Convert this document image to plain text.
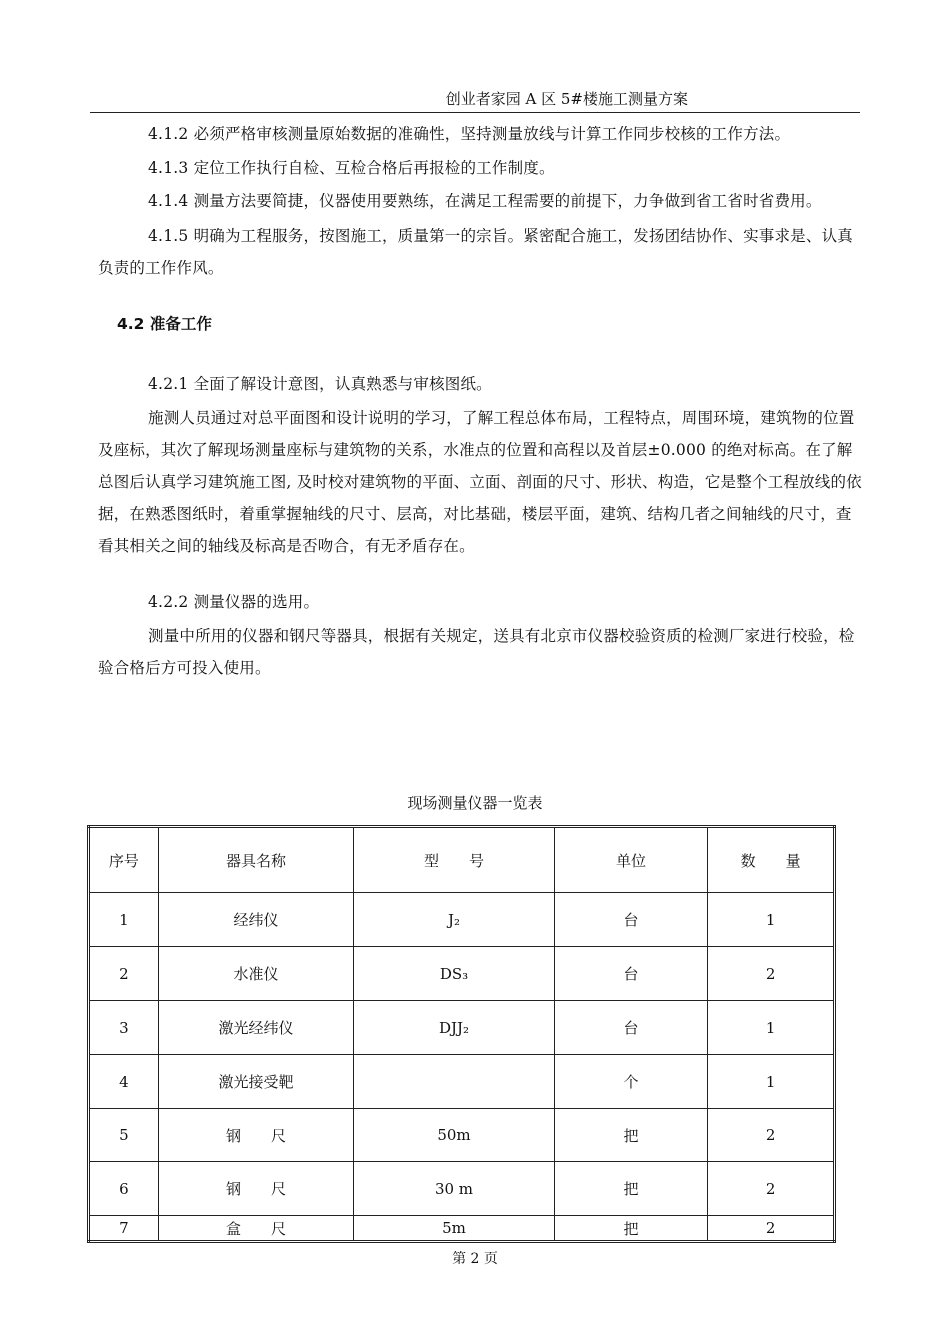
创业者家园 A 区 5#楼施工测量方案
4.1.2 必须严格审核测量原始数据的准确性，坚持测量放线与计算工作同步校核的工作方法。
4.1.3 定位工作执行自检、互检合格后再报检的工作制度。
4.1.4 测量方法要简捷，仪器使用要熟练，在满足工程需要的前提下，力争做到省工省时省费用。
4.1.5 明确为工程服务，按图施工，质量第一的宗旨。紧密配合施工，发扬团结协作、实事求是、认真负责的工作作风。
4.2 准备工作
4.2.1 全面了解设计意图，认真熟悉与审核图纸。
施测人员通过对总平面图和设计说明的学习，了解工程总体布局，工程特点，周围环境，建筑物的位置及座标，其次了解现场测量座标与建筑物的关系，水准点的位置和高程以及首层±0.000 的绝对标高。在了解总图后认真学习建筑施工图, 及时校对建筑物的平面、立面、剖面的尺寸、形状、构造，它是整个工程放线的依据，在熟悉图纸时，着重掌握轴线的尺寸、层高，对比基础，楼层平面，建筑、结构几者之间轴线的尺寸，查看其相关之间的轴线及标高是否吻合，有无矛盾存在。
4.2.2 测量仪器的选用。
测量中所用的仪器和钢尺等器具，根据有关规定，送具有北京市仪器校验资质的检测厂家进行校验，检验合格后方可投入使用。
现场测量仪器一览表
序号	器具名称	型　　号	单位	数　　量
1	经纬仪	J₂	台	1
2	水准仪	DS₃	台	2
3	激光经纬仪	DJJ₂	台	1
4	激光接受靶		个	1
5	钢　　尺	50m	把	2
6	钢　　尺	30 m	把	2
7	盒　　尺	5m	把	2
第 2 页
